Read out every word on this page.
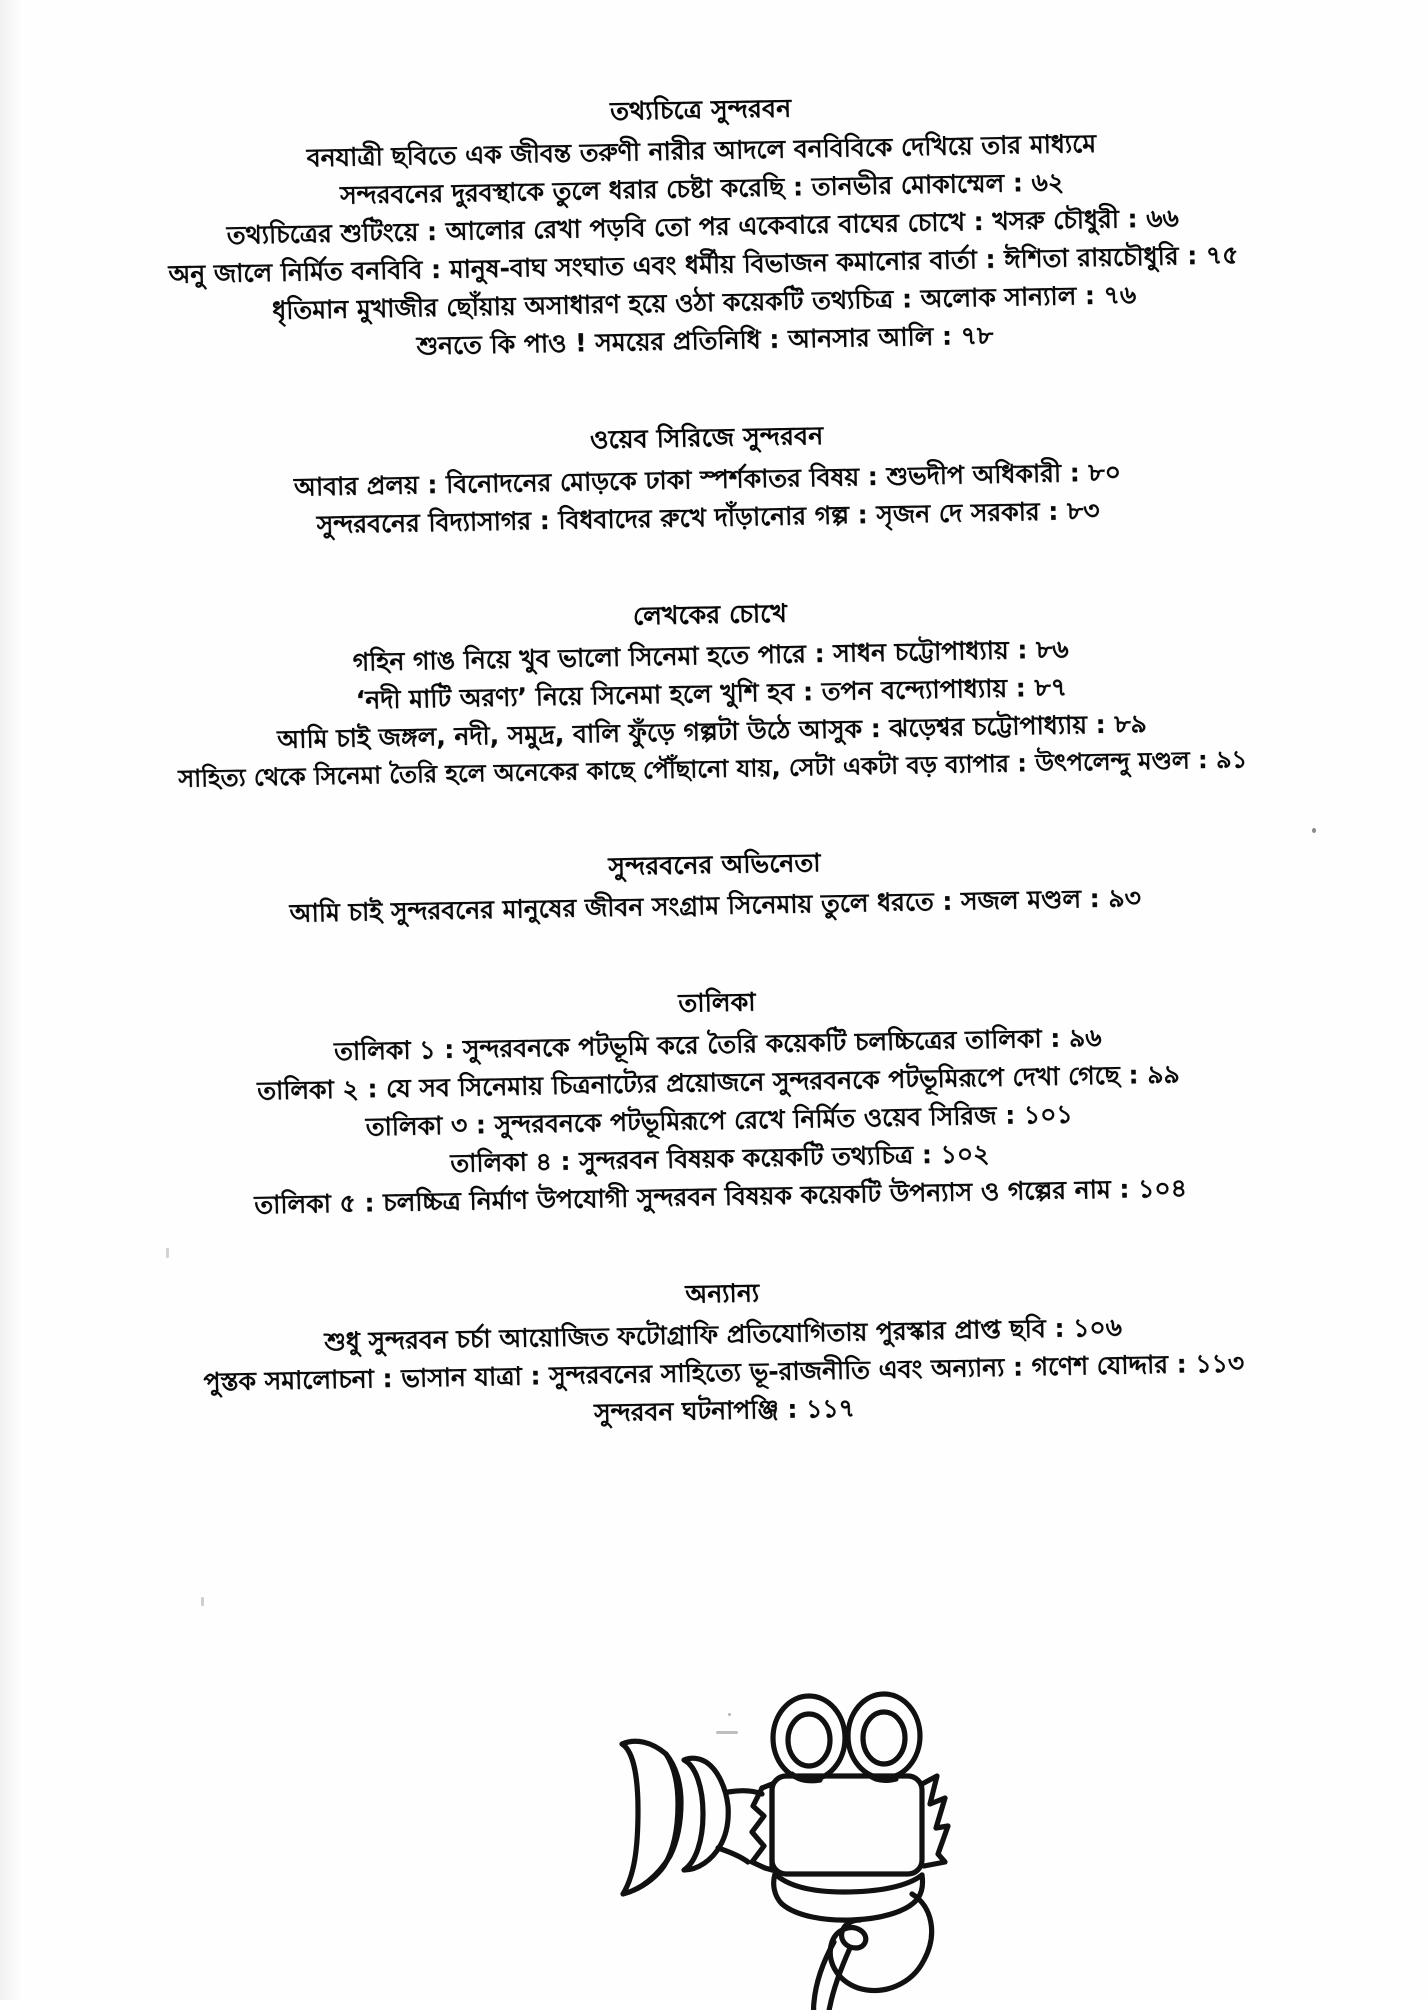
তথ্যচিত্রে সুন্দরবন

বনযাত্রী ছবিতে এক জীবন্ত তরুণী নারীর আদলে বনবিবিকে দেখিয়ে তার মাধ্যমে

সন্দরবনের দুরবস্থাকে তুলে ধরার চেষ্টা করেছি : তানভীর মোকাম্মেল : ৬২

তথ্যচিত্রের শুটিংয়ে : আলোর রেখা পড়বি তো পর একেবারে বাঘের চোখে : খসরু চৌধুরী : ৬৬

অনু জালে নির্মিত বনবিবি : মানুষ-বাঘ সংঘাত এবং ধর্মীয় বিভাজন কমানোর বার্তা : ঈশিতা রায়চৌধুরি : ৭৫

ধৃতিমান মুখাজীর ছোঁয়ায় অসাধারণ হয়ে ওঠা কয়েকটি তথ্যচিত্র : অলোক সান্যাল : ৭৬

শুনতে কি পাও ! সময়ের প্রতিনিধি : আনসার আলি : ৭৮

ওয়েব সিরিজে সুন্দরবন

আবার প্রলয় : বিনোদনের মোড়কে ঢাকা স্পর্শকাতর বিষয় : শুভদীপ অধিকারী : ৮০

সুন্দরবনের বিদ্যাসাগর : বিধবাদের রুখে দাঁড়ানোর গল্প : সৃজন দে সরকার : ৮৩

লেখকের চোখে

গহিন গাঙ নিয়ে খুব ভালো সিনেমা হতে পারে : সাধন চট্টোপাধ্যায় : ৮৬

‘নদী মাটি অরণ্য’ নিয়ে সিনেমা হলে খুশি হব : তপন বন্দ্যোপাধ্যায় : ৮৭

আমি চাই জঙ্গল, নদী, সমুদ্র, বালি ফুঁড়ে গল্পটা উঠে আসুক : ঝড়েশ্বর চট্টোপাধ্যায় : ৮৯

সাহিত্য থেকে সিনেমা তৈরি হলে অনেকের কাছে পৌঁছানো যায়, সেটা একটা বড় ব্যাপার : উৎপলেন্দু মণ্ডল : ৯১

সুন্দরবনের অভিনেতা

আমি চাই সুন্দরবনের মানুষের জীবন সংগ্রাম সিনেমায় তুলে ধরতে : সজল মণ্ডল : ৯৩

তালিকা

তালিকা ১ : সুন্দরবনকে পটভূমি করে তৈরি কয়েকটি চলচ্চিত্রের তালিকা : ৯৬

তালিকা ২ : যে সব সিনেমায় চিত্রনাট্যের প্রয়োজনে সুন্দরবনকে পটভূমিরূপে দেখা গেছে : ৯৯

তালিকা ৩ : সুন্দরবনকে পটভূমিরূপে রেখে নির্মিত ওয়েব সিরিজ : ১০১

তালিকা ৪ : সুন্দরবন বিষয়ক কয়েকটি তথ্যচিত্র : ১০২

তালিকা ৫ : চলচ্চিত্র নির্মাণ উপযোগী সুন্দরবন বিষয়ক কয়েকটি উপন্যাস ও গল্পের নাম : ১০৪

অন্যান্য

শুধু সুন্দরবন চর্চা আয়োজিত ফটোগ্রাফি প্রতিযোগিতায় পুরস্কার প্রাপ্ত ছবি : ১০৬

পুস্তক সমালোচনা : ভাসান যাত্রা : সুন্দরবনের সাহিত্যে ভূ-রাজনীতি এবং অন্যান্য : গণেশ যোদ্দার : ১১৩

সুন্দরবন ঘটনাপঞ্জি : ১১৭
